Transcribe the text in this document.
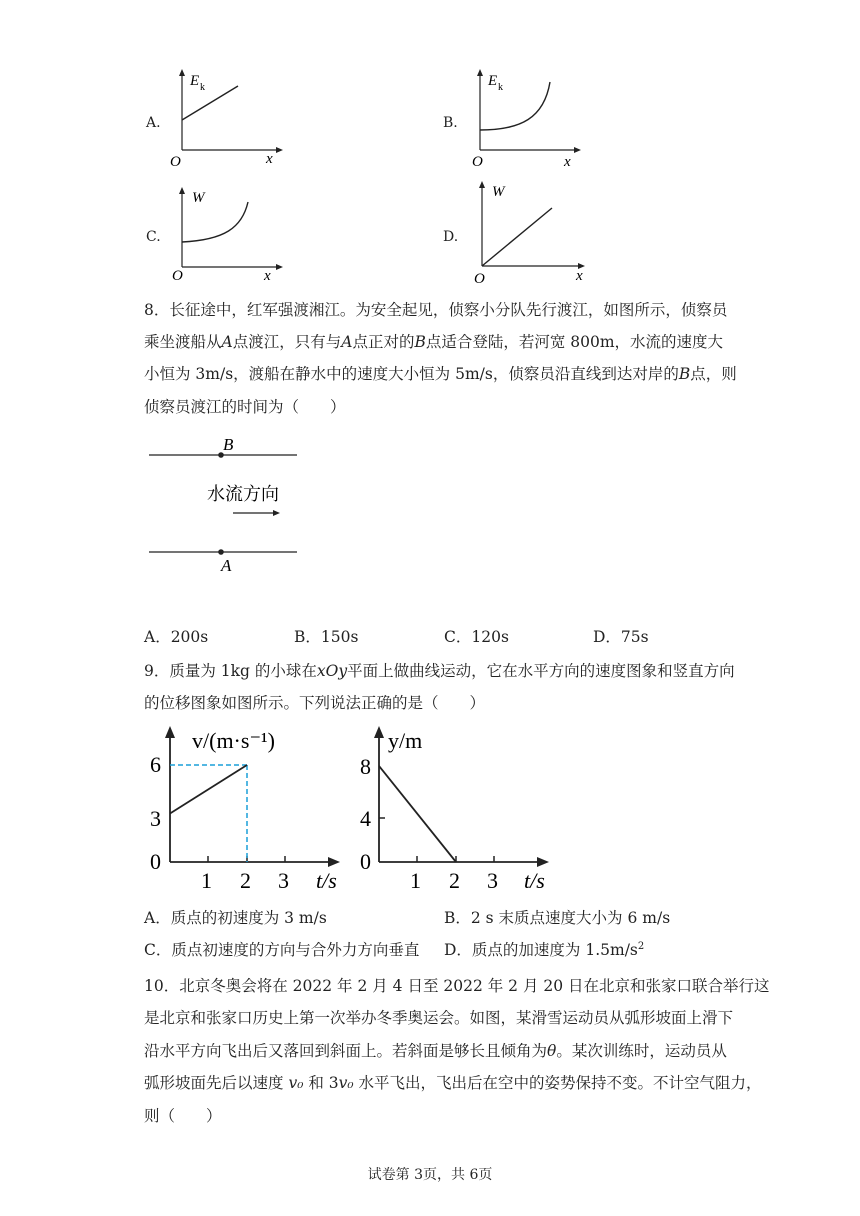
A.
E k
O	x
B.
E k
O	x
C.
W
O	x
D.
W
O	x
8．长征途中，红军强渡湘江。为安全起见，侦察小分队先行渡江，如图所示，侦察员
乘坐渡船从A点渡江，只有与A点正对的B点适合登陆，若河宽 800m，水流的速度大
小恒为 3m/s，渡船在静水中的速度大小恒为 5m/s，侦察员沿直线到达对岸的B点，则
侦察员渡江的时间为（　　）
B
水流方向
A
A．200s	B．150s	C．120s	D．75s
9．质量为 1kg 的小球在xOy平面上做曲线运动，它在水平方向的速度图象和竖直方向
的位移图象如图所示。下列说法正确的是（　　）
v/(m·s⁻¹)
6
3
0
1 2 3 t/s
y/m
8
4
0
1 2 3 t/s
A．质点的初速度为 3 m/s	B．2 s 末质点速度大小为 6 m/s
C．质点初速度的方向与合外力方向垂直 D．质点的加速度为 $1.5m/s^2$
10．北京冬奥会将在 2022 年 2 月 4 日至 2022 年 2 月 20 日在北京和张家口联合举行这
是北京和张家口历史上第一次举办冬季奥运会。如图，某滑雪运动员从弧形坡面上滑下
沿水平方向飞出后又落回到斜面上。若斜面是够长且倾角为θ。某次训练时，运动员从
弧形坡面先后以速度 v₀ 和 3v₀ 水平飞出，飞出后在空中的姿势保持不变。不计空气阻力，
则（　　）
试卷第 3页，共 6页
